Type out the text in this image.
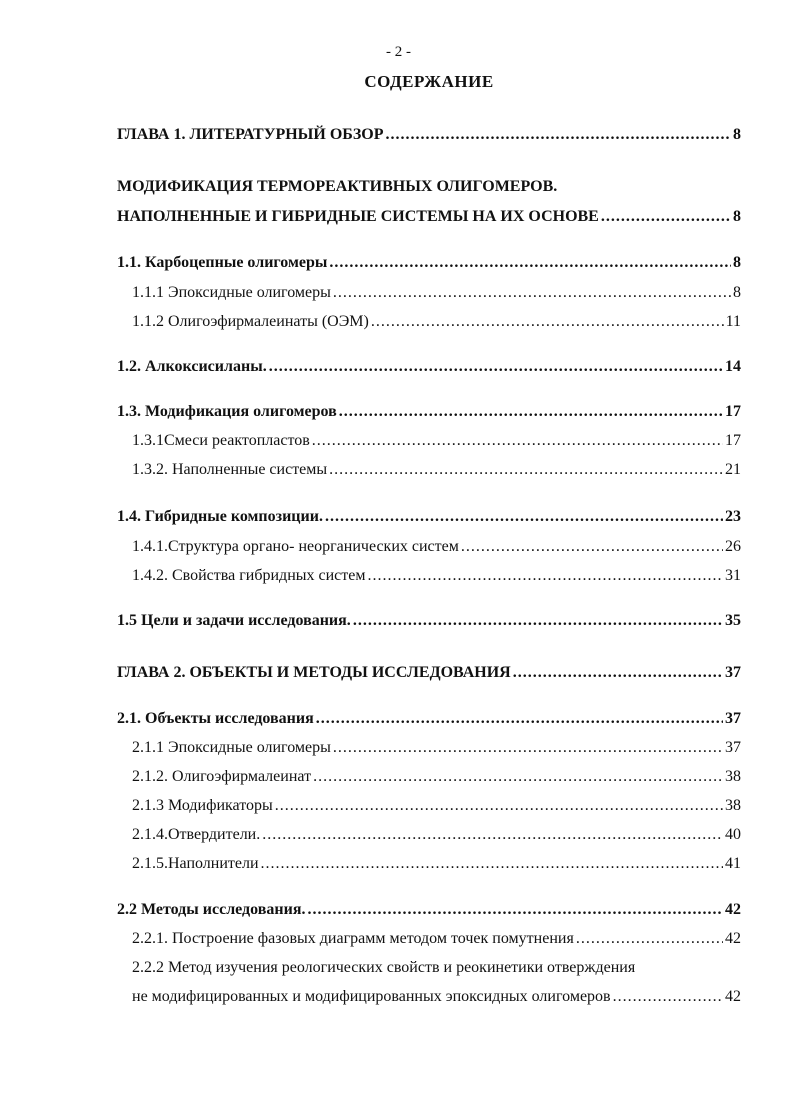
- 2 -
СОДЕРЖАНИЕ
ГЛАВА 1. ЛИТЕРАТУРНЫЙ ОБЗОР .....	8
МОДИФИКАЦИЯ ТЕРМОРЕАКТИВНЫХ ОЛИГОМЕРОВ.
НАПОЛНЕННЫЕ И ГИБРИДНЫЕ СИСТЕМЫ НА ИХ ОСНОВЕ .....	8
1.1. Карбоцепные олигомеры .....	8
1.1.1 Эпоксидные олигомеры .....	8
1.1.2 Олигоэфирмалеинаты (ОЭМ) .....	11
1.2. Алкоксисиланы. .....	14
1.3. Модификация олигомеров .....	17
1.3.1Смеси реактопластов .....	17
1.3.2. Наполненные системы .....	21
1.4. Гибридные композиции. .....	23
1.4.1.Структура органо- неорганических систем .....	26
1.4.2. Свойства гибридных систем .....	31
1.5 Цели и задачи исследования. .....	35
ГЛАВА 2. ОБЪЕКТЫ И МЕТОДЫ ИССЛЕДОВАНИЯ .....	37
2.1. Объекты исследования .....	37
2.1.1 Эпоксидные олигомеры .....	37
2.1.2. Олигоэфирмалеинат .....	38
2.1.3 Модификаторы .....	38
2.1.4.Отвердители. .....	40
2.1.5.Наполнители .....	41
2.2 Методы исследования. .....	42
2.2.1. Построение фазовых диаграмм методом точек помутнения .....	42
2.2.2 Метод изучения реологических свойств и реокинетики отверждения
не модифицированных и модифицированных эпоксидных олигомеров .....	42
